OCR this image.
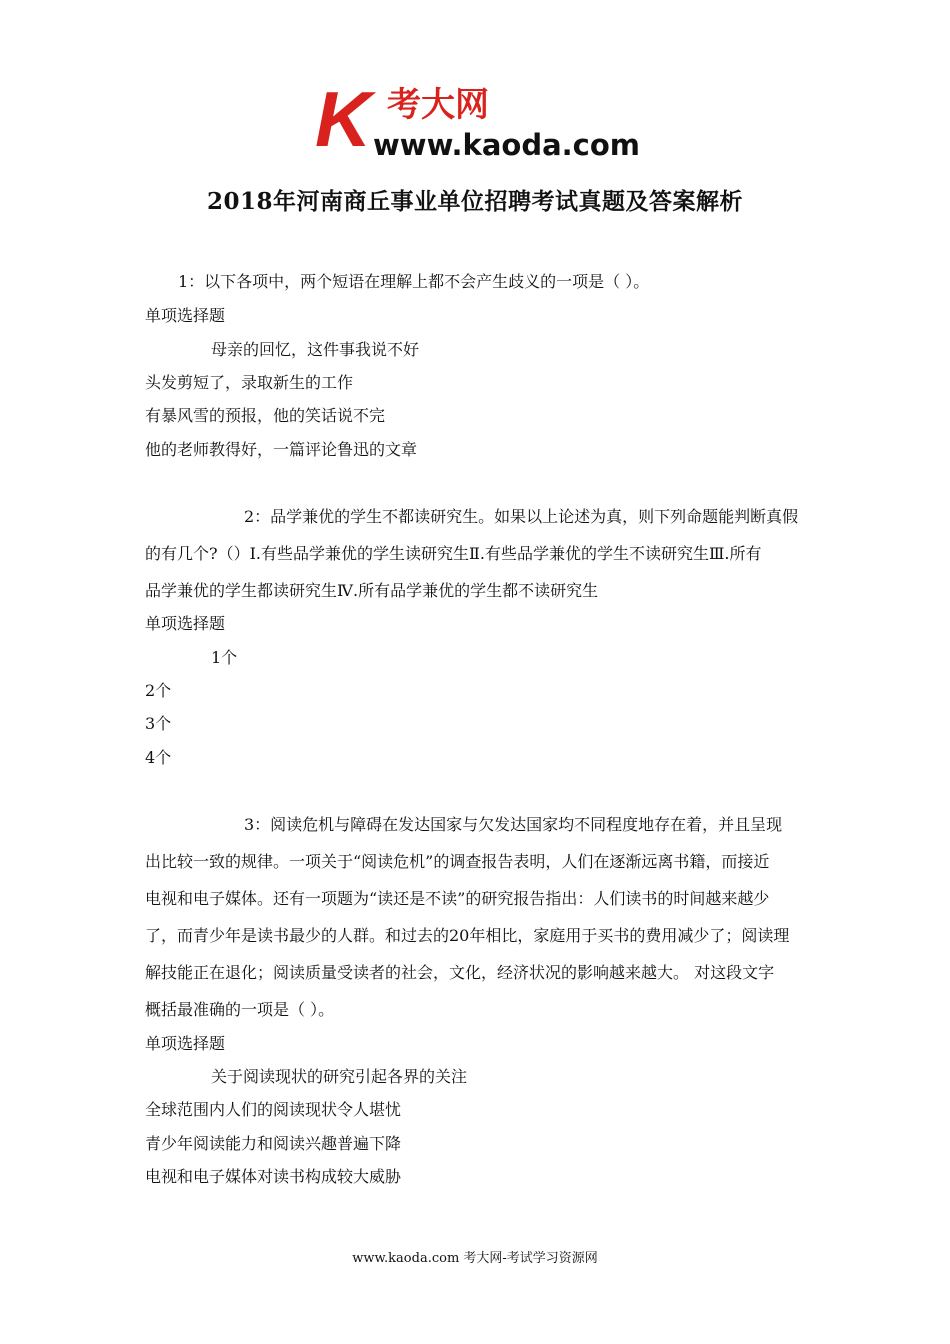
K 考大网
www.kaoda.com
2018年河南商丘事业单位招聘考试真题及答案解析
1：以下各项中，两个短语在理解上都不会产生歧义的一项是（ ）。
单项选择题
母亲的回忆，这件事我说不好
头发剪短了，录取新生的工作
有暴风雪的预报，他的笑话说不完
他的老师教得好，一篇评论鲁迅的文章
2：品学兼优的学生不都读研究生。如果以上论述为真，则下列命题能判断真假
的有几个?（）Ⅰ.有些品学兼优的学生读研究生Ⅱ.有些品学兼优的学生不读研究生Ⅲ.所有
品学兼优的学生都读研究生Ⅳ.所有品学兼优的学生都不读研究生
单项选择题
1个
2个
3个
4个
3：阅读危机与障碍在发达国家与欠发达国家均不同程度地存在着，并且呈现
出比较一致的规律。一项关于“阅读危机”的调查报告表明，人们在逐渐远离书籍，而接近
电视和电子媒体。还有一项题为“读还是不读”的研究报告指出：人们读书的时间越来越少
了，而青少年是读书最少的人群。和过去的20年相比，家庭用于买书的费用减少了；阅读理
解技能正在退化；阅读质量受读者的社会，文化，经济状况的影响越来越大。 对这段文字
概括最准确的一项是（ ）。
单项选择题
关于阅读现状的研究引起各界的关注
全球范围内人们的阅读现状令人堪忧
青少年阅读能力和阅读兴趣普遍下降
电视和电子媒体对读书构成较大威胁
www.kaoda.com 考大网-考试学习资源网
